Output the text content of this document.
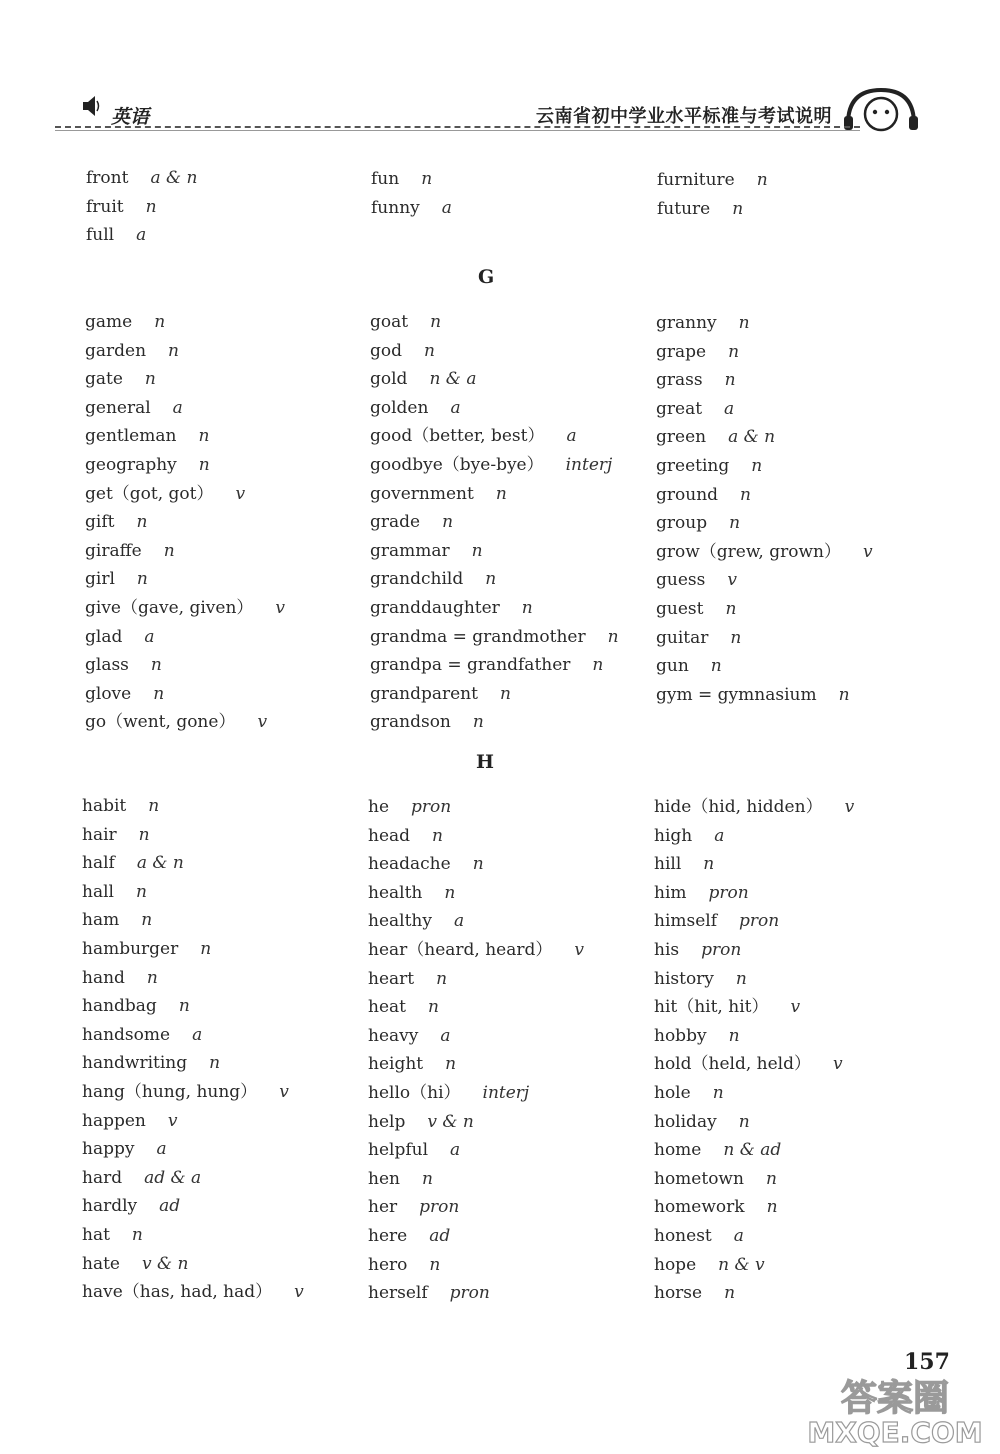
英语	云南省初中学业水平标准与考试说明
front a & n
fruit n
full a
fun n
funny a
furniture n
future n
G
game n
garden n
gate n
general a
gentleman n
geography n
get（got, got） v
gift n
giraffe n
girl n
give（gave, given） v
glad a
glass n
glove n
go（went, gone） v
goat n
god n
gold n & a
golden a
good（better, best） a
goodbye（bye-bye） interj
government n
grade n
grammar n
grandchild n
granddaughter n
grandma = grandmother n
grandpa = grandfather n
grandparent n
grandson n
granny n
grape n
grass n
great a
green a & n
greeting n
ground n
group n
grow（grew, grown） v
guess v
guest n
guitar n
gun n
gym = gymnasium n
H
habit n
hair n
half a & n
hall n
ham n
hamburger n
hand n
handbag n
handsome a
handwriting n
hang（hung, hung） v
happen v
happy a
hard ad & a
hardly ad
hat n
hate v & n
have（has, had, had） v
he pron
head n
headache n
health n
healthy a
hear（heard, heard） v
heart n
heat n
heavy a
height n
hello（hi） interj
help v & n
helpful a
hen n
her pron
here ad
hero n
herself pron
hide（hid, hidden） v
high a
hill n
him pron
himself pron
his pron
history n
hit（hit, hit） v
hobby n
hold（held, held） v
hole n
holiday n
home n & ad
hometown n
homework n
honest a
hope n & v
horse n
157
答案圈
MXQE.COM
